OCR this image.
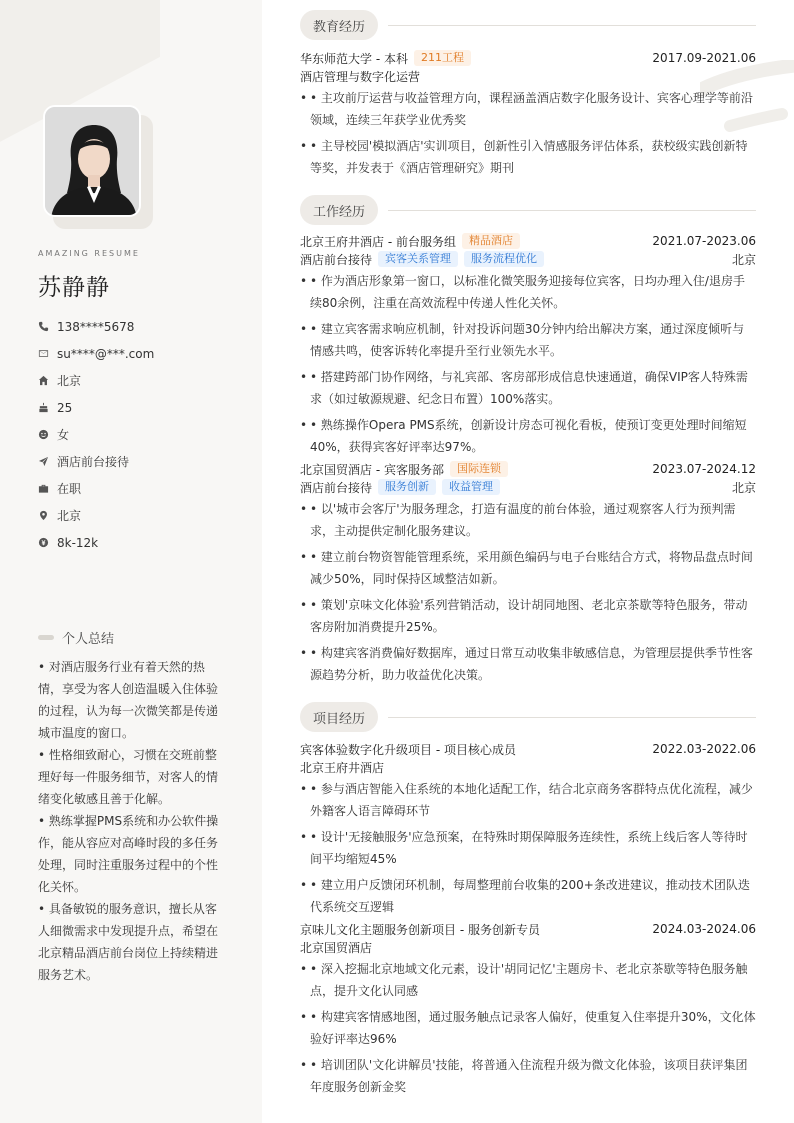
AMAZING RESUME
苏静静
138****5678
su****@***.com
北京
25
女
酒店前台接待
在职
北京
8k-12k
个人总结
• 对酒店服务行业有着天然的热情，享受为客人创造温暖入住体验的过程，认为每一次微笑都是传递城市温度的窗口。
• 性格细致耐心，习惯在交班前整理好每一件服务细节，对客人的情绪变化敏感且善于化解。
• 熟练掌握PMS系统和办公软件操作，能从容应对高峰时段的多任务处理，同时注重服务过程中的个性化关怀。
• 具备敏锐的服务意识，擅长从客人细微需求中发现提升点，希望在北京精品酒店前台岗位上持续精进服务艺术。
教育经历
华东师范大学 - 本科	211工程	2017.09-2021.06
酒店管理与数字化运营
• • 主攻前厅运营与收益管理方向，课程涵盖酒店数字化服务设计、宾客心理学等前沿领域，连续三年获学业优秀奖
• • 主导校园'模拟酒店'实训项目，创新性引入情感服务评估体系，获校级实践创新特等奖，并发表于《酒店管理研究》期刊
工作经历
北京王府井酒店 - 前台服务组	精品酒店	2021.07-2023.06
酒店前台接待	宾客关系管理	服务流程优化	北京
• • 作为酒店形象第一窗口，以标准化微笑服务迎接每位宾客，日均办理入住/退房手续80余例，注重在高效流程中传递人性化关怀。
• • 建立宾客需求响应机制，针对投诉问题30分钟内给出解决方案，通过深度倾听与情感共鸣，使客诉转化率提升至行业领先水平。
• • 搭建跨部门协作网络，与礼宾部、客房部形成信息快速通道，确保VIP客人特殊需求（如过敏源规避、纪念日布置）100%落实。
• • 熟练操作Opera PMS系统，创新设计房态可视化看板，使预订变更处理时间缩短40%，获得宾客好评率达97%。
北京国贸酒店 - 宾客服务部	国际连锁	2023.07-2024.12
酒店前台接待	服务创新	收益管理	北京
• • 以'城市会客厅'为服务理念，打造有温度的前台体验，通过观察客人行为预判需求，主动提供定制化服务建议。
• • 建立前台物资智能管理系统，采用颜色编码与电子台账结合方式，将物品盘点时间减少50%，同时保持区域整洁如新。
• • 策划'京味文化体验'系列营销活动，设计胡同地图、老北京茶歇等特色服务，带动客房附加消费提升25%。
• • 构建宾客消费偏好数据库，通过日常互动收集非敏感信息，为管理层提供季节性客源趋势分析，助力收益优化决策。
项目经历
宾客体验数字化升级项目 - 项目核心成员	2022.03-2022.06
北京王府井酒店
• • 参与酒店智能入住系统的本地化适配工作，结合北京商务客群特点优化流程，减少外籍客人语言障碍环节
• • 设计'无接触服务'应急预案，在特殊时期保障服务连续性，系统上线后客人等待时间平均缩短45%
• • 建立用户反馈闭环机制，每周整理前台收集的200+条改进建议，推动技术团队迭代系统交互逻辑
京味儿文化主题服务创新项目 - 服务创新专员	2024.03-2024.06
北京国贸酒店
• • 深入挖掘北京地域文化元素，设计'胡同记忆'主题房卡、老北京茶歇等特色服务触点，提升文化认同感
• • 构建宾客情感地图，通过服务触点记录客人偏好，使重复入住率提升30%，文化体验好评率达96%
• • 培训团队'文化讲解员'技能，将普通入住流程升级为微文化体验，该项目获评集团年度服务创新金奖
